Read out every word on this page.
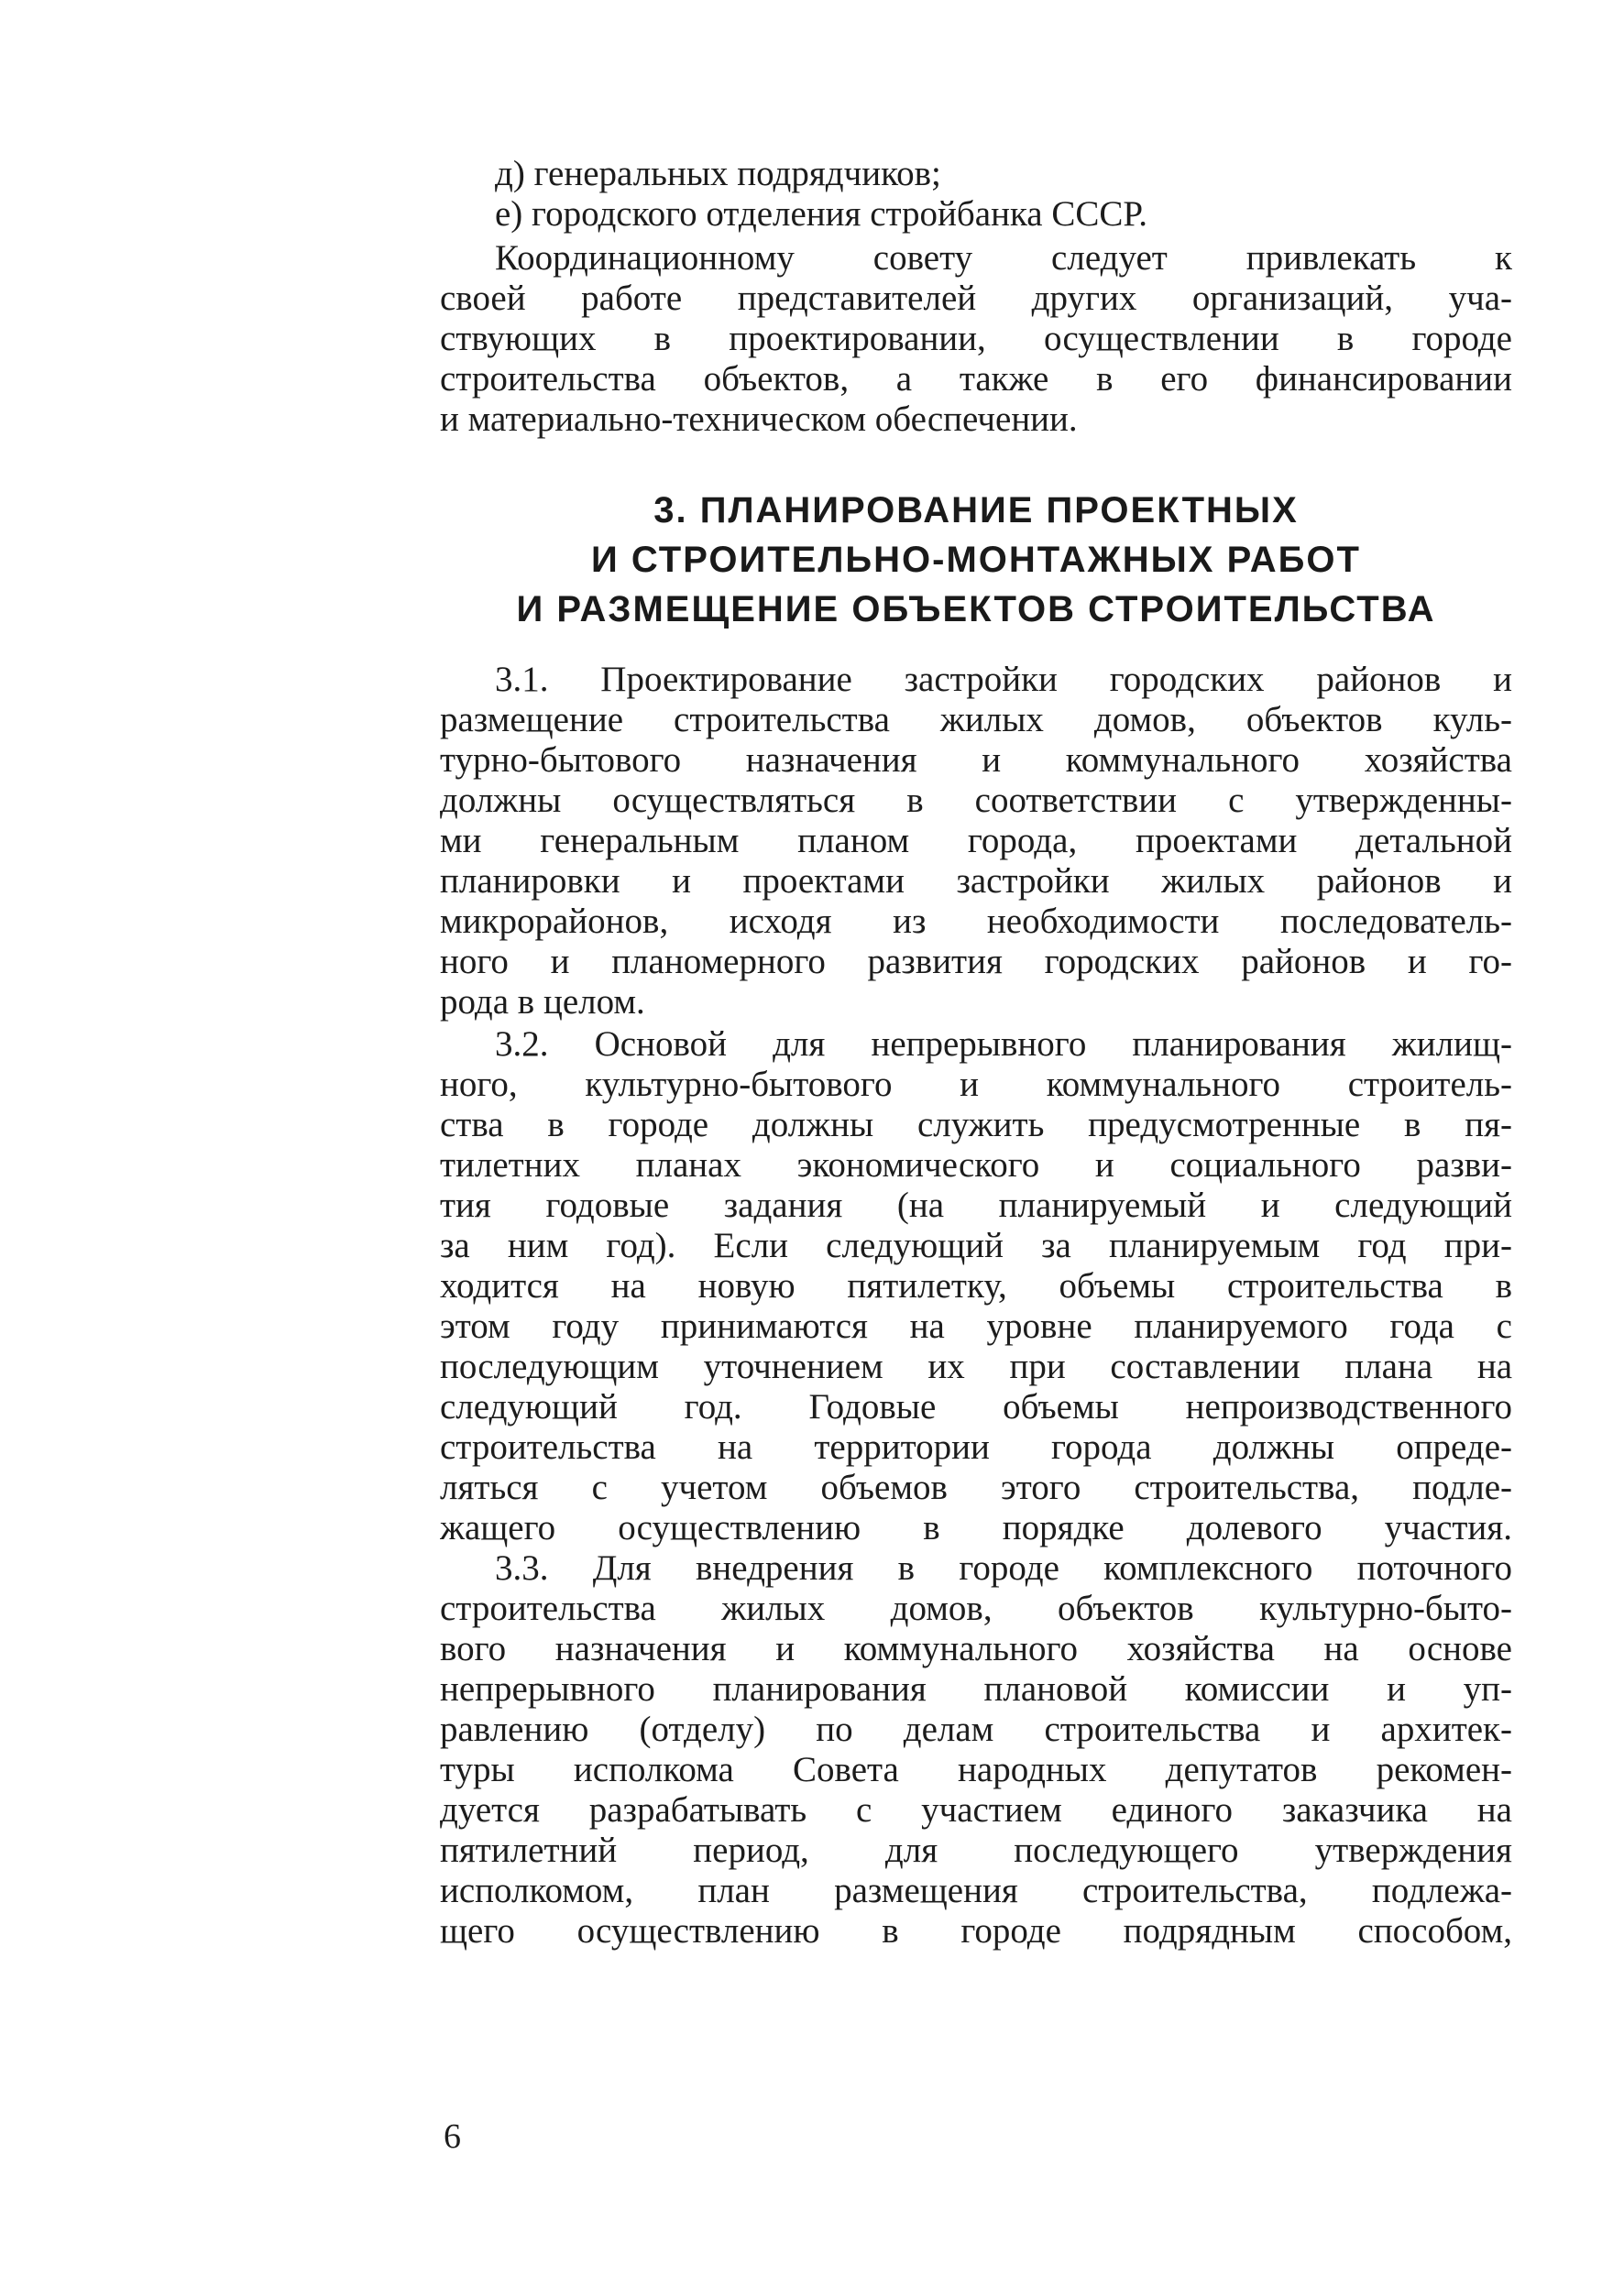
д) генеральных подрядчиков;
е) городского отделения стройбанка СССР.
Координационному совету следует привлекать к
своей работе представителей других организаций, уча-
ствующих в проектировании, осуществлении в городе
строительства объектов, а также в его финансировании
и материально-техническом обеспечении.
3. ПЛАНИРОВАНИЕ ПРОЕКТНЫХ
И СТРОИТЕЛЬНО-МОНТАЖНЫХ РАБОТ
И РАЗМЕЩЕНИЕ ОБЪЕКТОВ СТРОИТЕЛЬСТВА
3.1. Проектирование застройки городских районов и
размещение строительства жилых домов, объектов куль-
турно-бытового назначения и коммунального хозяйства
должны осуществляться в соответствии с утвержденны-
ми генеральным планом города, проектами детальной
планировки и проектами застройки жилых районов и
микрорайонов, исходя из необходимости последователь-
ного и планомерного развития городских районов и го-
рода в целом.
3.2. Основой для непрерывного планирования жилищ-
ного, культурно-бытового и коммунального строитель-
ства в городе должны служить предусмотренные в пя-
тилетних планах экономического и социального разви-
тия годовые задания (на планируемый и следующий
за ним год). Если следующий за планируемым год при-
ходится на новую пятилетку, объемы строительства в
этом году принимаются на уровне планируемого года с
последующим уточнением их при составлении плана на
следующий год. Годовые объемы непроизводственного
строительства на территории города должны опреде-
ляться с учетом объемов этого строительства, подле-
жащего осуществлению в порядке долевого участия.
3.3. Для внедрения в городе комплексного поточного
строительства жилых домов, объектов культурно-быто-
вого назначения и коммунального хозяйства на основе
непрерывного планирования плановой комиссии и уп-
равлению (отделу) по делам строительства и архитек-
туры исполкома Совета народных депутатов рекомен-
дуется разрабатывать с участием единого заказчика на
пятилетний период, для последующего утверждения
исполкомом, план размещения строительства, подлежа-
щего осуществлению в городе подрядным способом,
6
